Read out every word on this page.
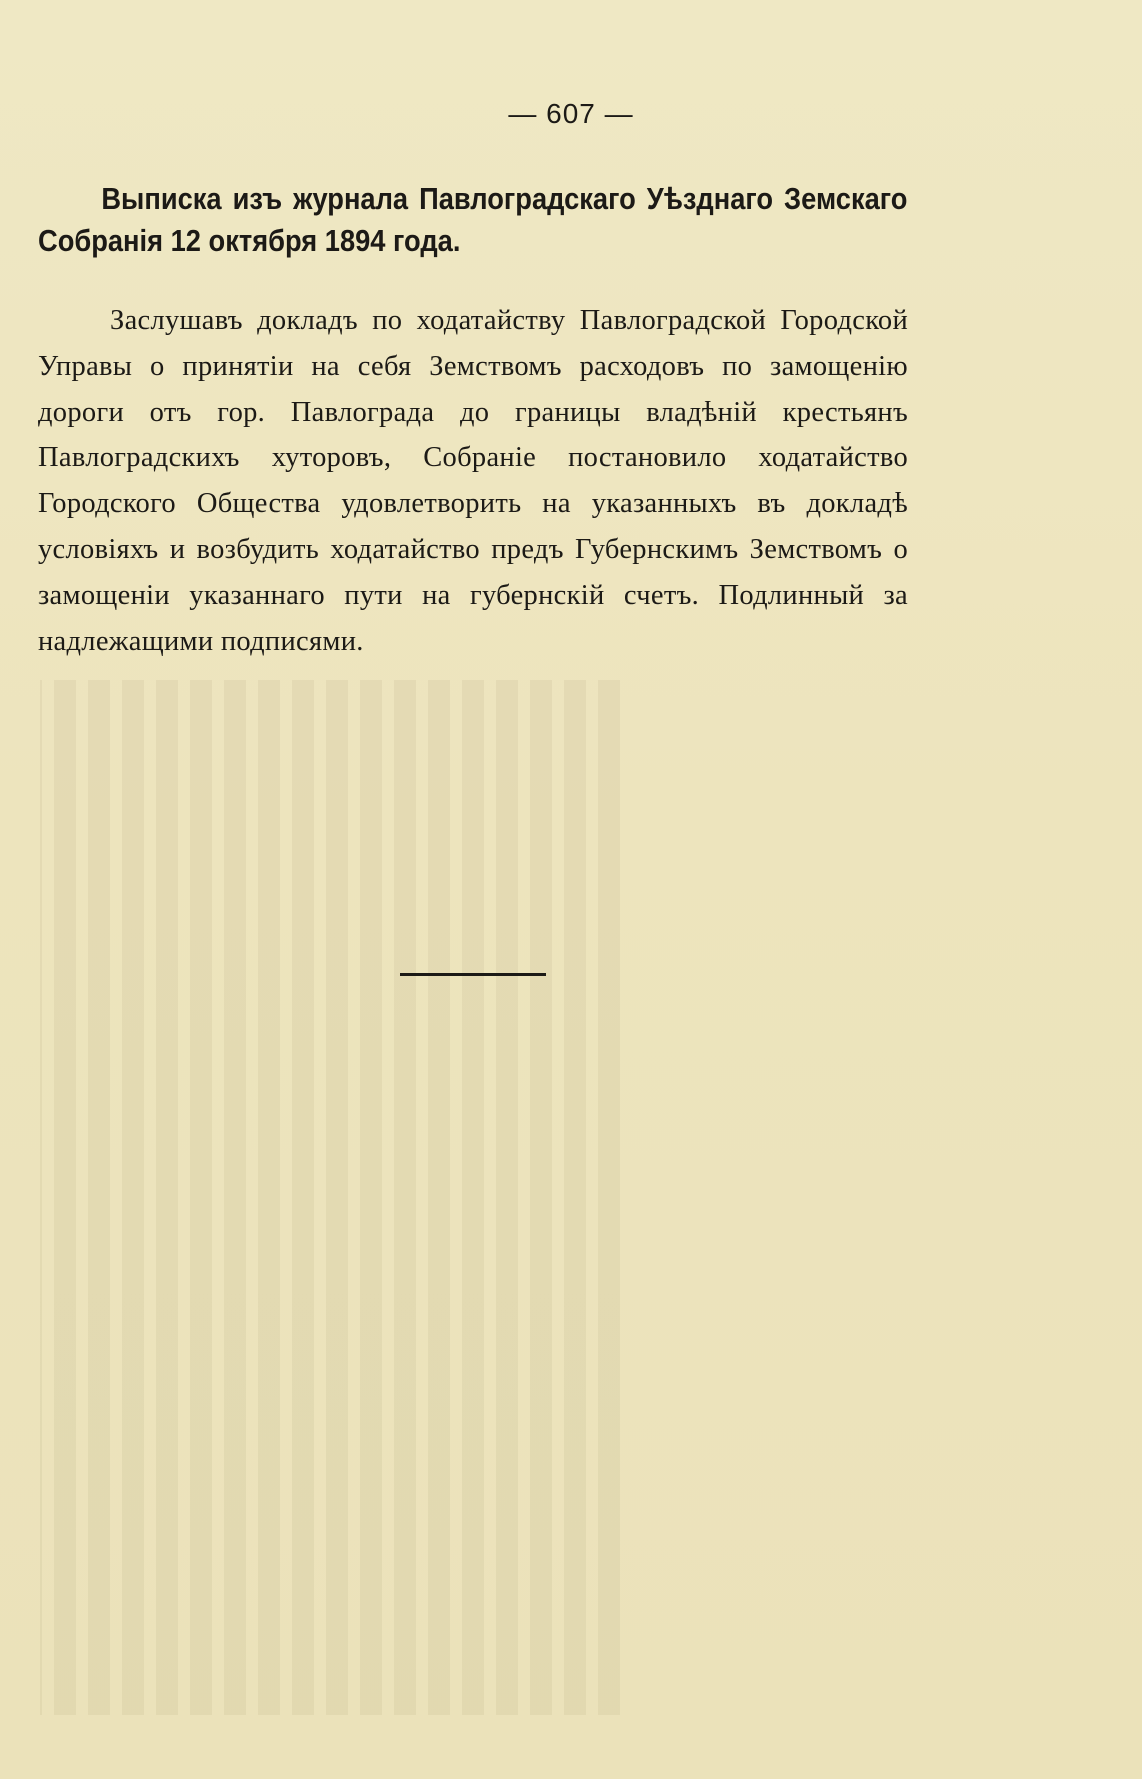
— 607 —
Выписка изъ журнала Павлоградскаго Уѣзднаго Земскаго Собранія 12 октября 1894 года.
Заслушавъ докладъ по ходатайству Павлоградской Городской Управы о принятіи на себя Земствомъ расходовъ по замощенію дороги отъ гор. Павлограда до границы владѣній крестьянъ Павлоградскихъ хуторовъ, Собраніе постановило ходатайство Городского Общества удовлетворить на указанныхъ въ докладѣ условіяхъ и возбудить ходатайство предъ Губернскимъ Земствомъ о замощеніи указаннаго пути на губернскій счетъ. Подлинный за надлежащими подписями.
